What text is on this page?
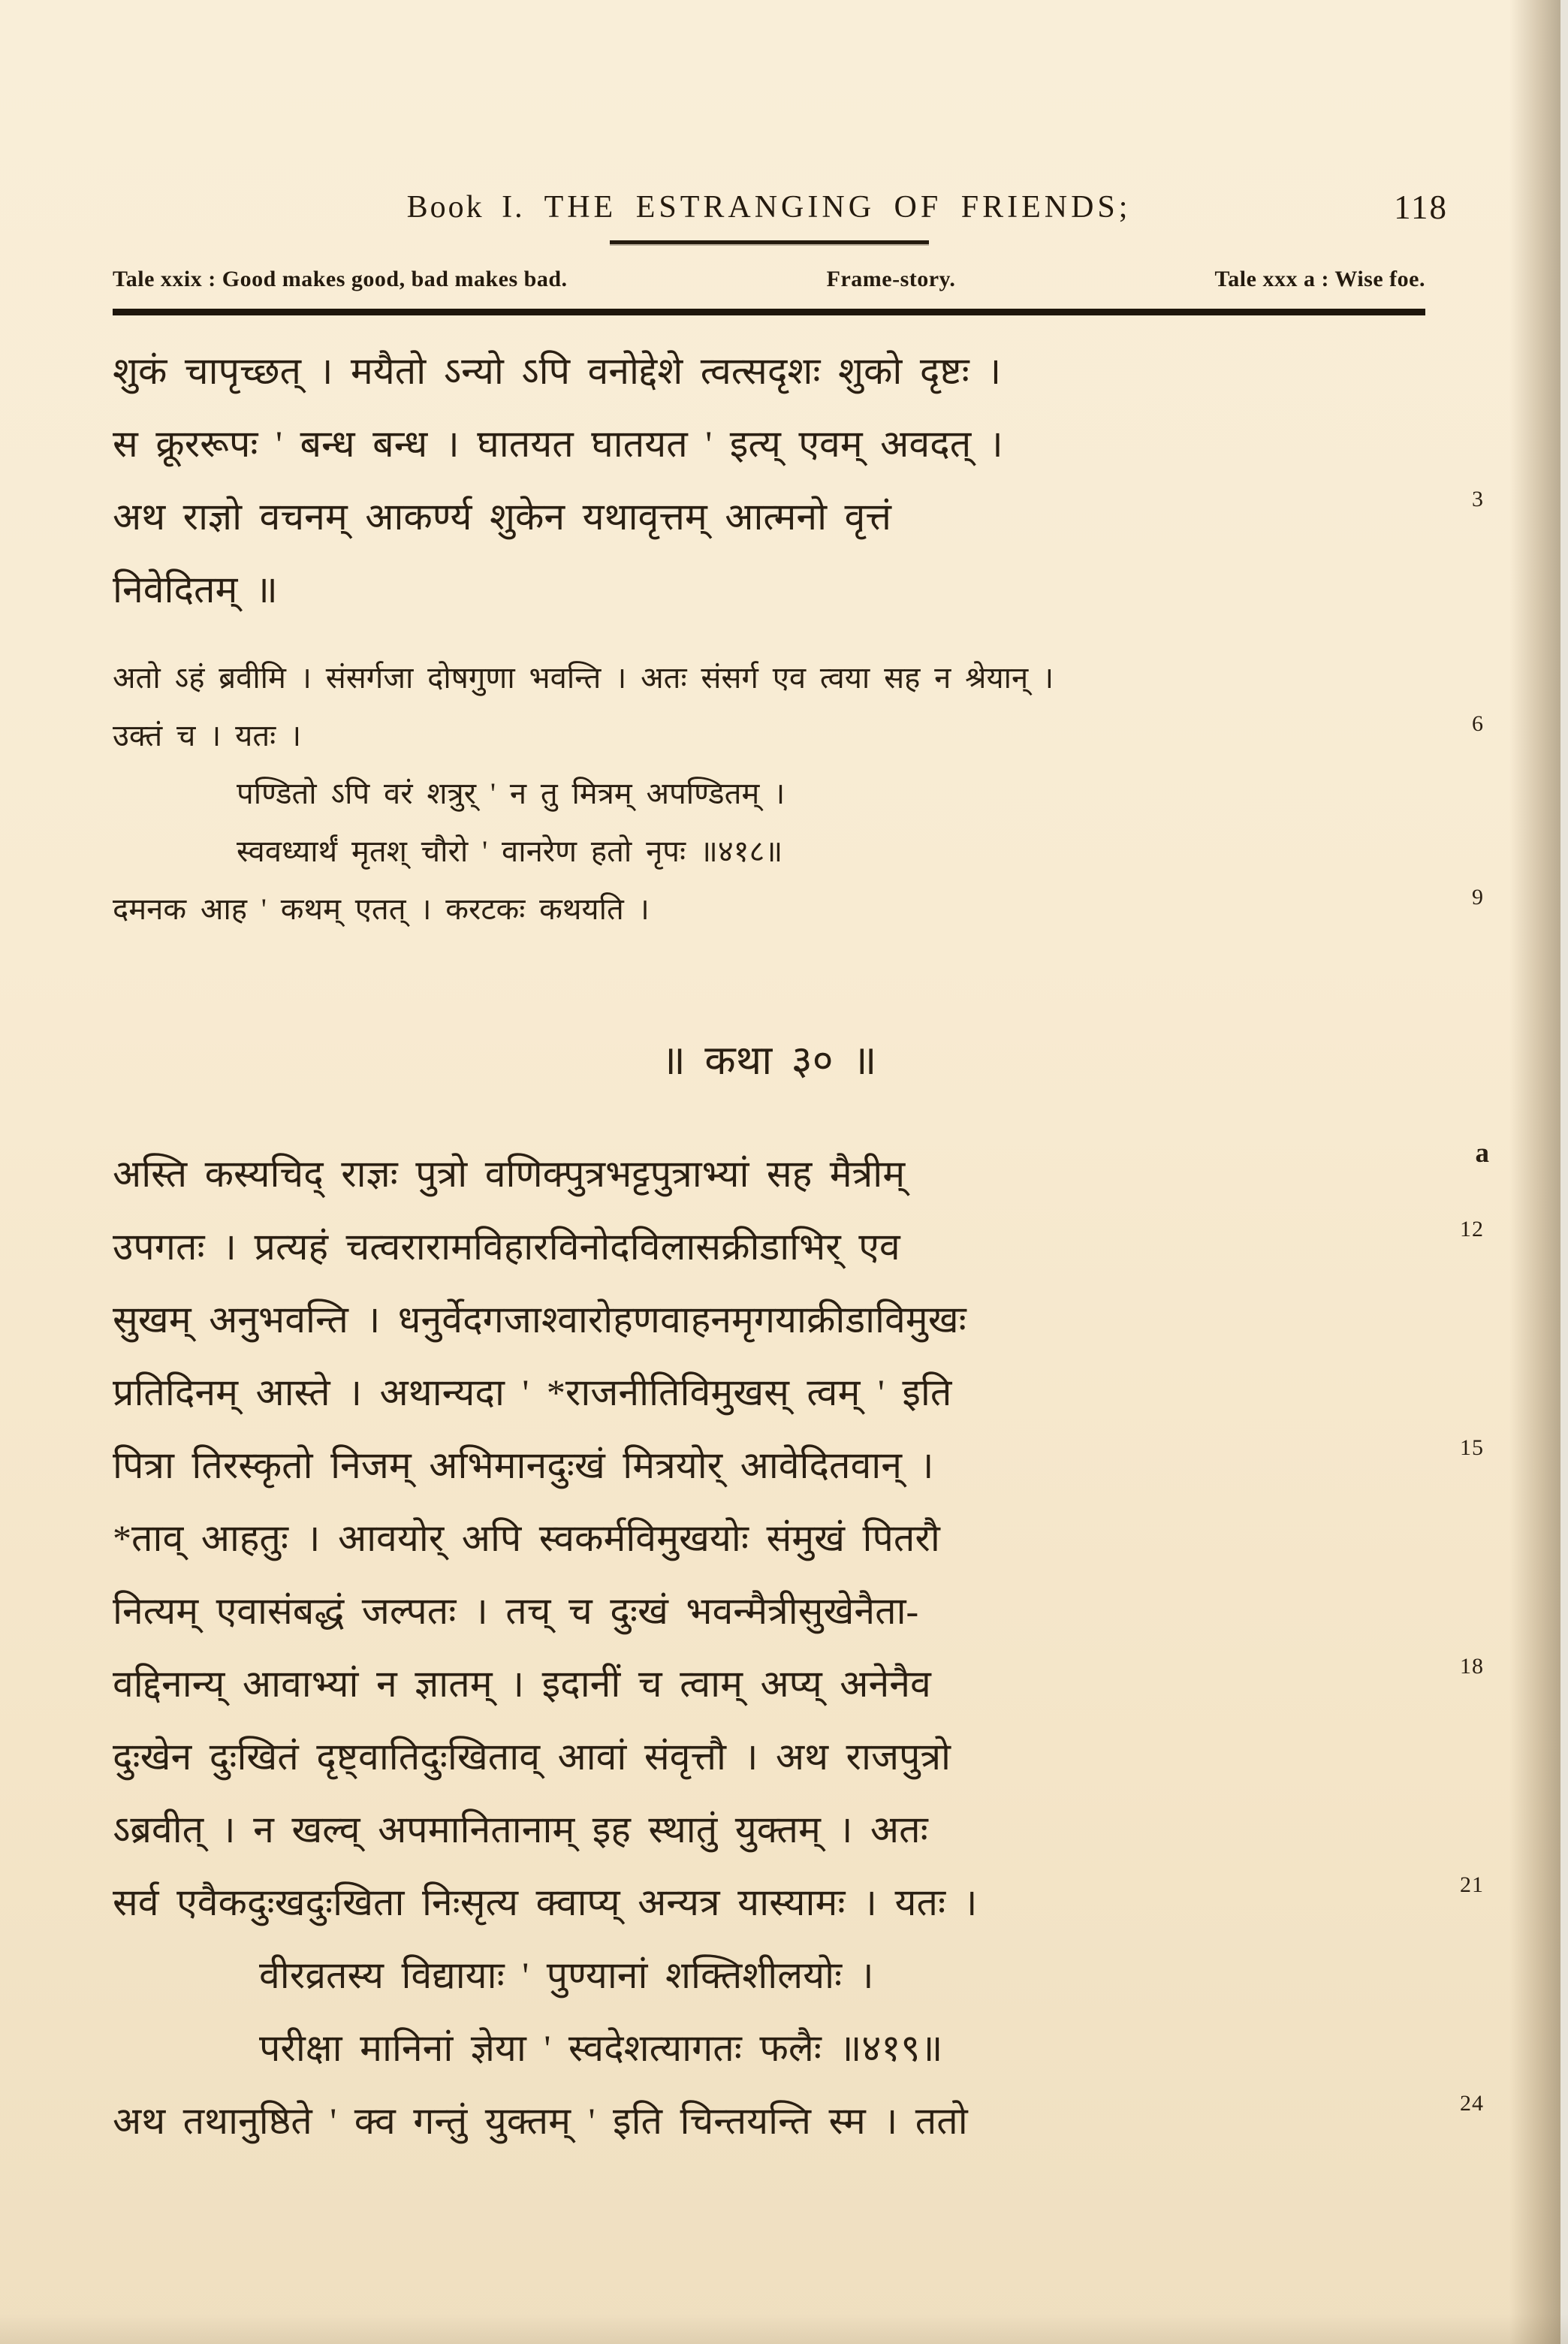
Book I. THE ESTRANGING OF FRIENDS;	118
Tale xxix : Good makes good, bad makes bad.	Frame-story.	Tale xxx a : Wise foe.
शुकं चापृच्छत् । मयैतो ऽन्यो ऽपि वनोद्देशे त्वत्सदृशः शुको दृष्टः ।
स क्रूररूपः ' बन्ध बन्ध । घातयत घातयत ' इत्य् एवम् अवदत् ।
अथ राज्ञो वचनम् आकर्ण्य शुकेन यथावृत्तम् आत्मनो वृत्तं	3
निवेदितम् ॥
अतो ऽहं ब्रवीमि । संसर्गजा दोषगुणा भवन्ति । अतः संसर्ग एव त्वया सह न श्रेयान् ।
उक्तं च । यतः ।	6
पण्डितो ऽपि वरं शत्रुर् ' न तु मित्रम् अपण्डितम् ।
स्ववध्यार्थं मृतश् चौरो ' वानरेण हतो नृपः ॥४१८॥
दमनक आह ' कथम् एतत् । करटकः कथयति ।	9
॥ कथा ३० ॥
अस्ति कस्यचिद् राज्ञः पुत्रो वणिक्पुत्रभट्टपुत्राभ्यां सह मैत्रीम्	a
उपगतः । प्रत्यहं चत्वरारामविहारविनोदविलासक्रीडाभिर् एव	12
सुखम् अनुभवन्ति । धनुर्वेदगजाश्वारोहणवाहनमृगयाक्रीडाविमुखः
प्रतिदिनम् आस्ते । अथान्यदा ' *राजनीतिविमुखस् त्वम् ' इति
पित्रा तिरस्कृतो निजम् अभिमानदुःखं मित्रयोर् आवेदितवान् ।	15
*ताव् आहतुः । आवयोर् अपि स्वकर्मविमुखयोः संमुखं पितरौ
नित्यम् एवासंबद्धं जल्पतः । तच् च दुःखं भवन्मैत्रीसुखेनैता-
वद्दिनान्य् आवाभ्यां न ज्ञातम् । इदानीं च त्वाम् अप्य् अनेनैव	18
दुःखेन दुःखितं दृष्ट्वातिदुःखिताव् आवां संवृत्तौ । अथ राजपुत्रो
ऽब्रवीत् । न खल्व् अपमानितानाम् इह स्थातुं युक्तम् । अतः
सर्व एवैकदुःखदुःखिता निःसृत्य क्वाप्य् अन्यत्र यास्यामः । यतः ।	21
वीरव्रतस्य विद्यायाः ' पुण्यानां शक्तिशीलयोः ।
परीक्षा मानिनां ज्ञेया ' स्वदेशत्यागतः फलैः ॥४१९॥
अथ तथानुष्ठिते ' क्व गन्तुं युक्तम् ' इति चिन्तयन्ति स्म । ततो	24
